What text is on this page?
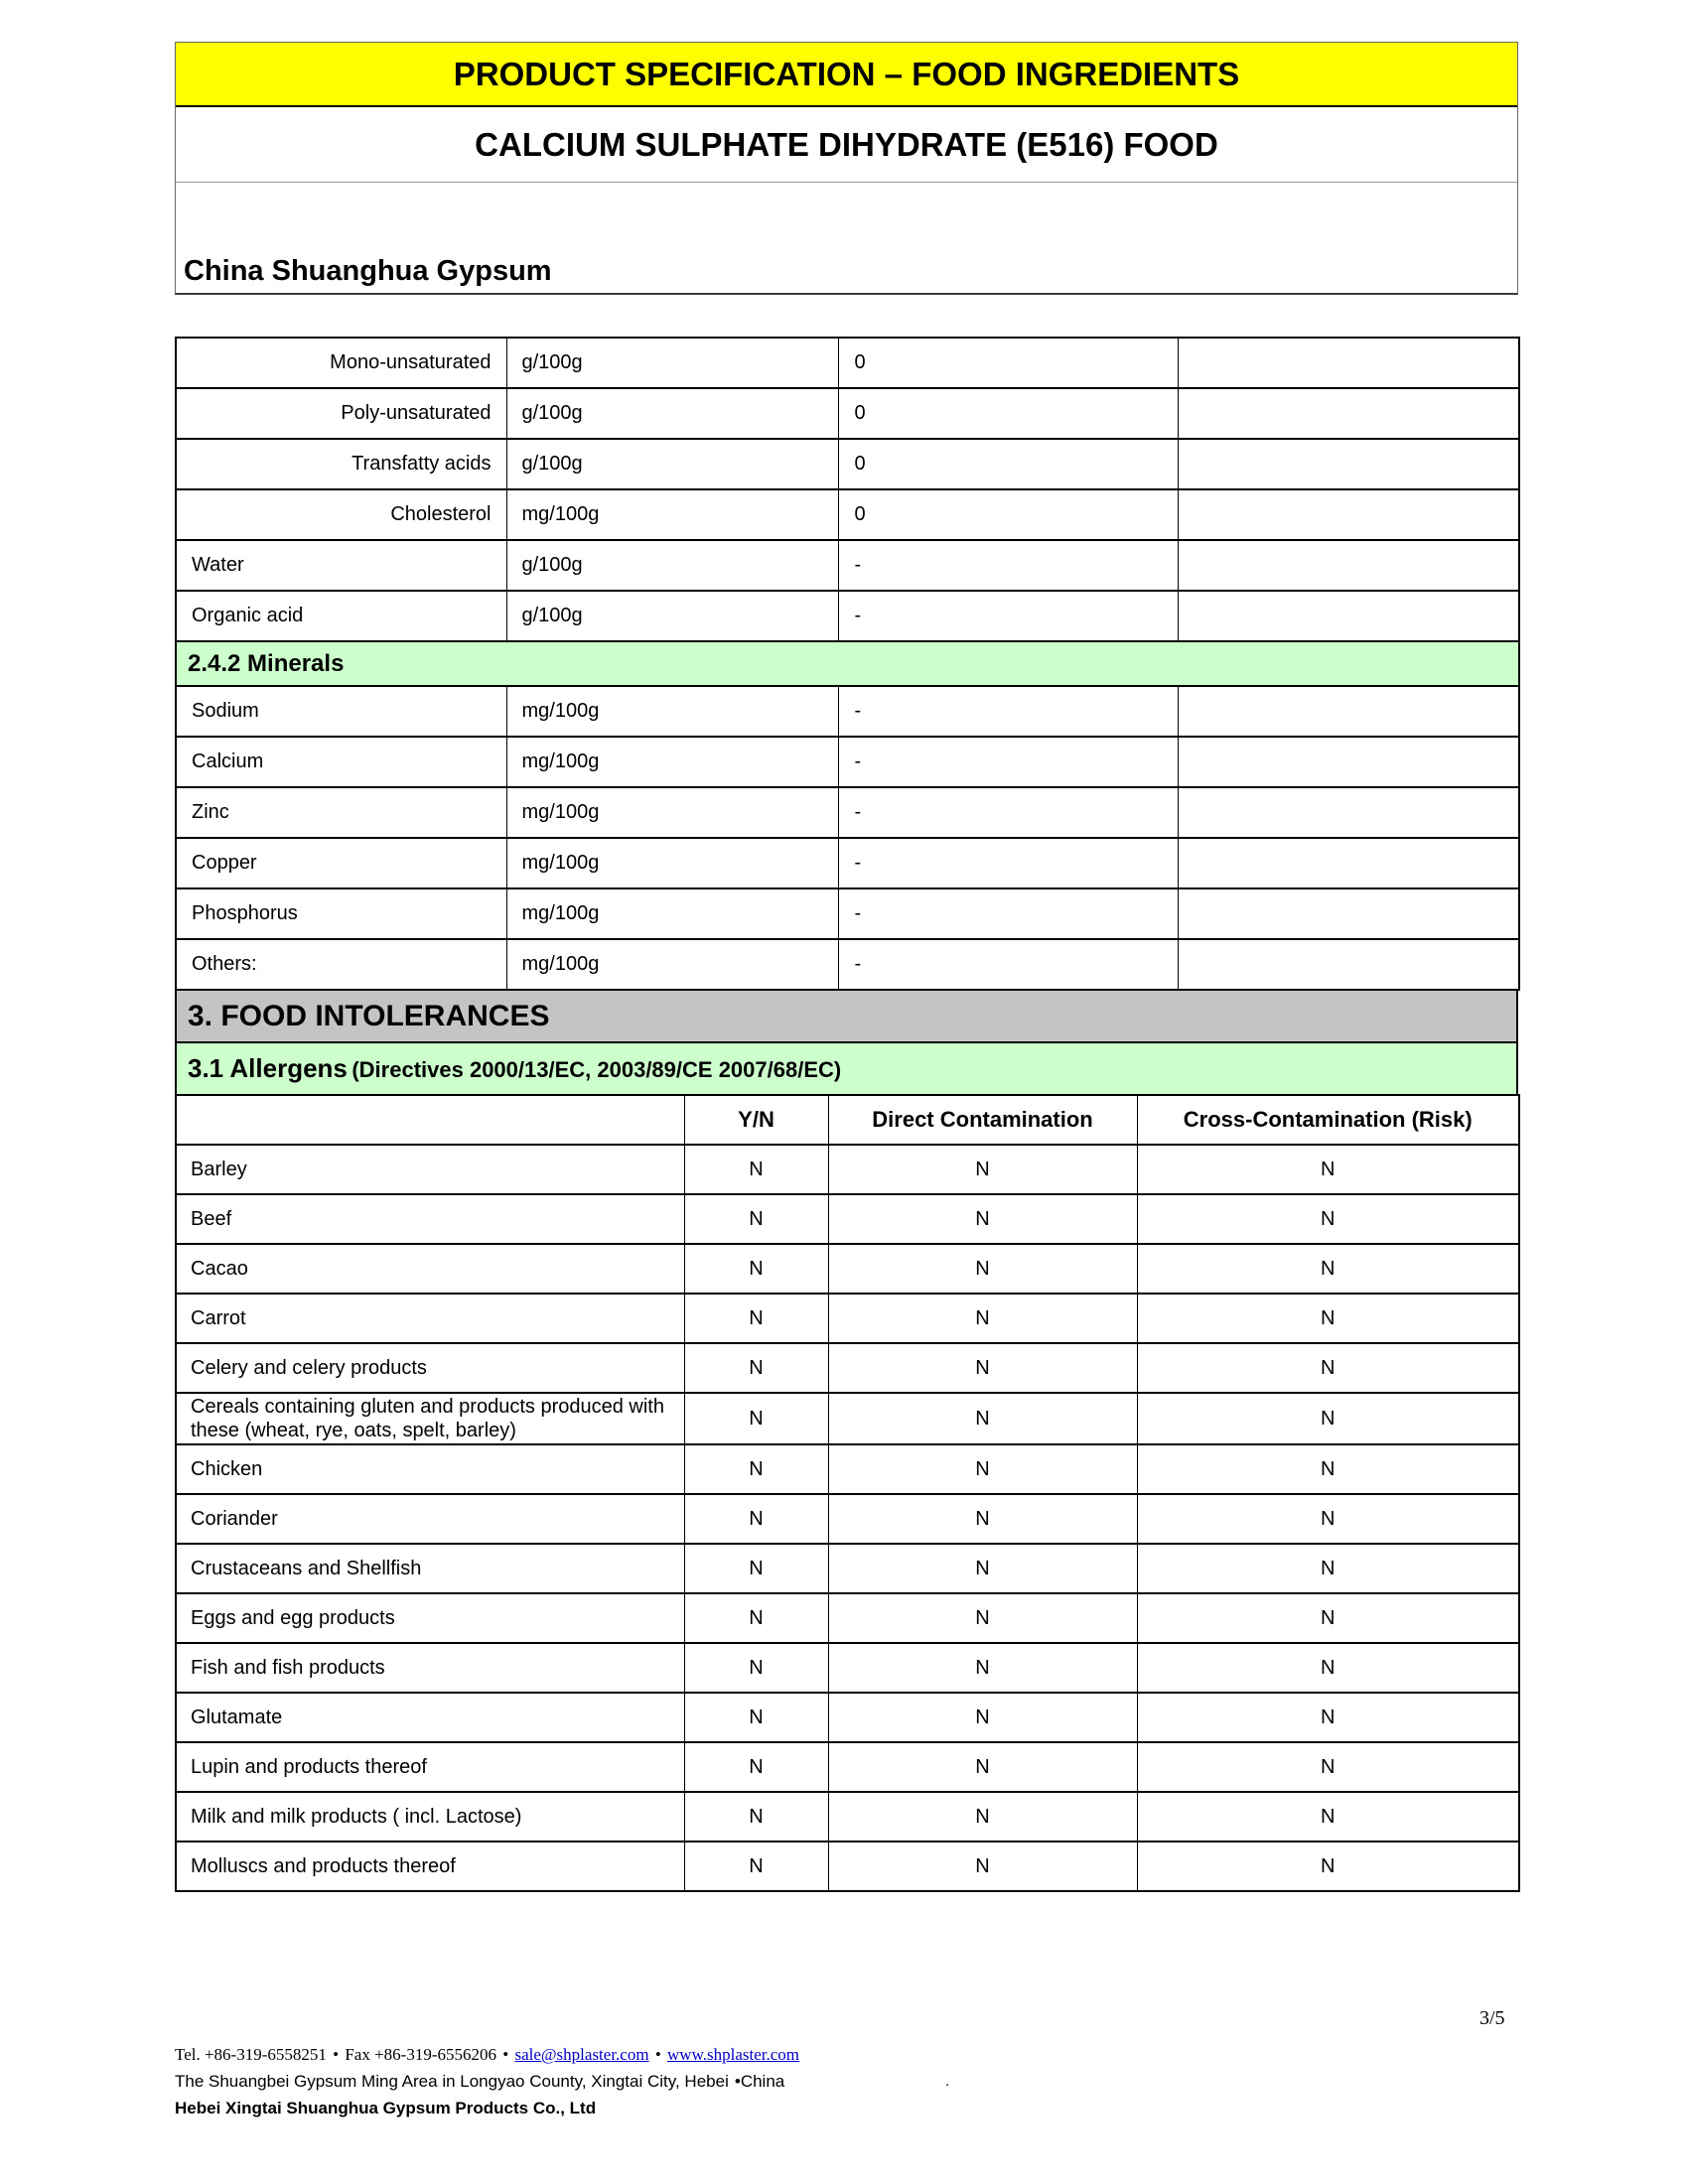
PRODUCT SPECIFICATION – FOOD INGREDIENTS
CALCIUM SULPHATE DIHYDRATE (E516) FOOD
China Shuanghua Gypsum
Mono-unsaturated	g/100g	0	
Poly-unsaturated	g/100g	0	
Transfatty acids	g/100g	0	
Cholesterol	mg/100g	0	
Water	g/100g	-	
Organic acid	g/100g	-	
2.4.2 Minerals			
Sodium	mg/100g	-	
Calcium	mg/100g	-	
Zinc	mg/100g	-	
Copper	mg/100g	-	
Phosphorus	mg/100g	-	
Others:	mg/100g	-	
3. FOOD INTOLERANCES
3.1 Allergens (Directives 2000/13/EC, 2003/89/CE 2007/68/EC)
	Y/N	Direct Contamination	Cross-Contamination (Risk)
Barley	N	N	N
Beef	N	N	N
Cacao	N	N	N
Carrot	N	N	N
Celery and celery products	N	N	N
Cereals containing gluten and products produced with these (wheat, rye, oats, spelt, barley)	N	N	N
Chicken	N	N	N
Coriander	N	N	N
Crustaceans and Shellfish	N	N	N
Eggs and egg products	N	N	N
Fish and fish products	N	N	N
Glutamate	N	N	N
Lupin and products thereof	N	N	N
Milk and milk products ( incl. Lactose)	N	N	N
Molluscs and products thereof	N	N	N
3/5
Tel. +86-319-6558251 • Fax +86-319-6556206 • sale@shplaster.com • www.shplaster.com
The Shuangbei Gypsum Ming Area in Longyao County, Xingtai City, Hebei •China
Hebei Xingtai Shuanghua Gypsum Products Co., Ltd
.
